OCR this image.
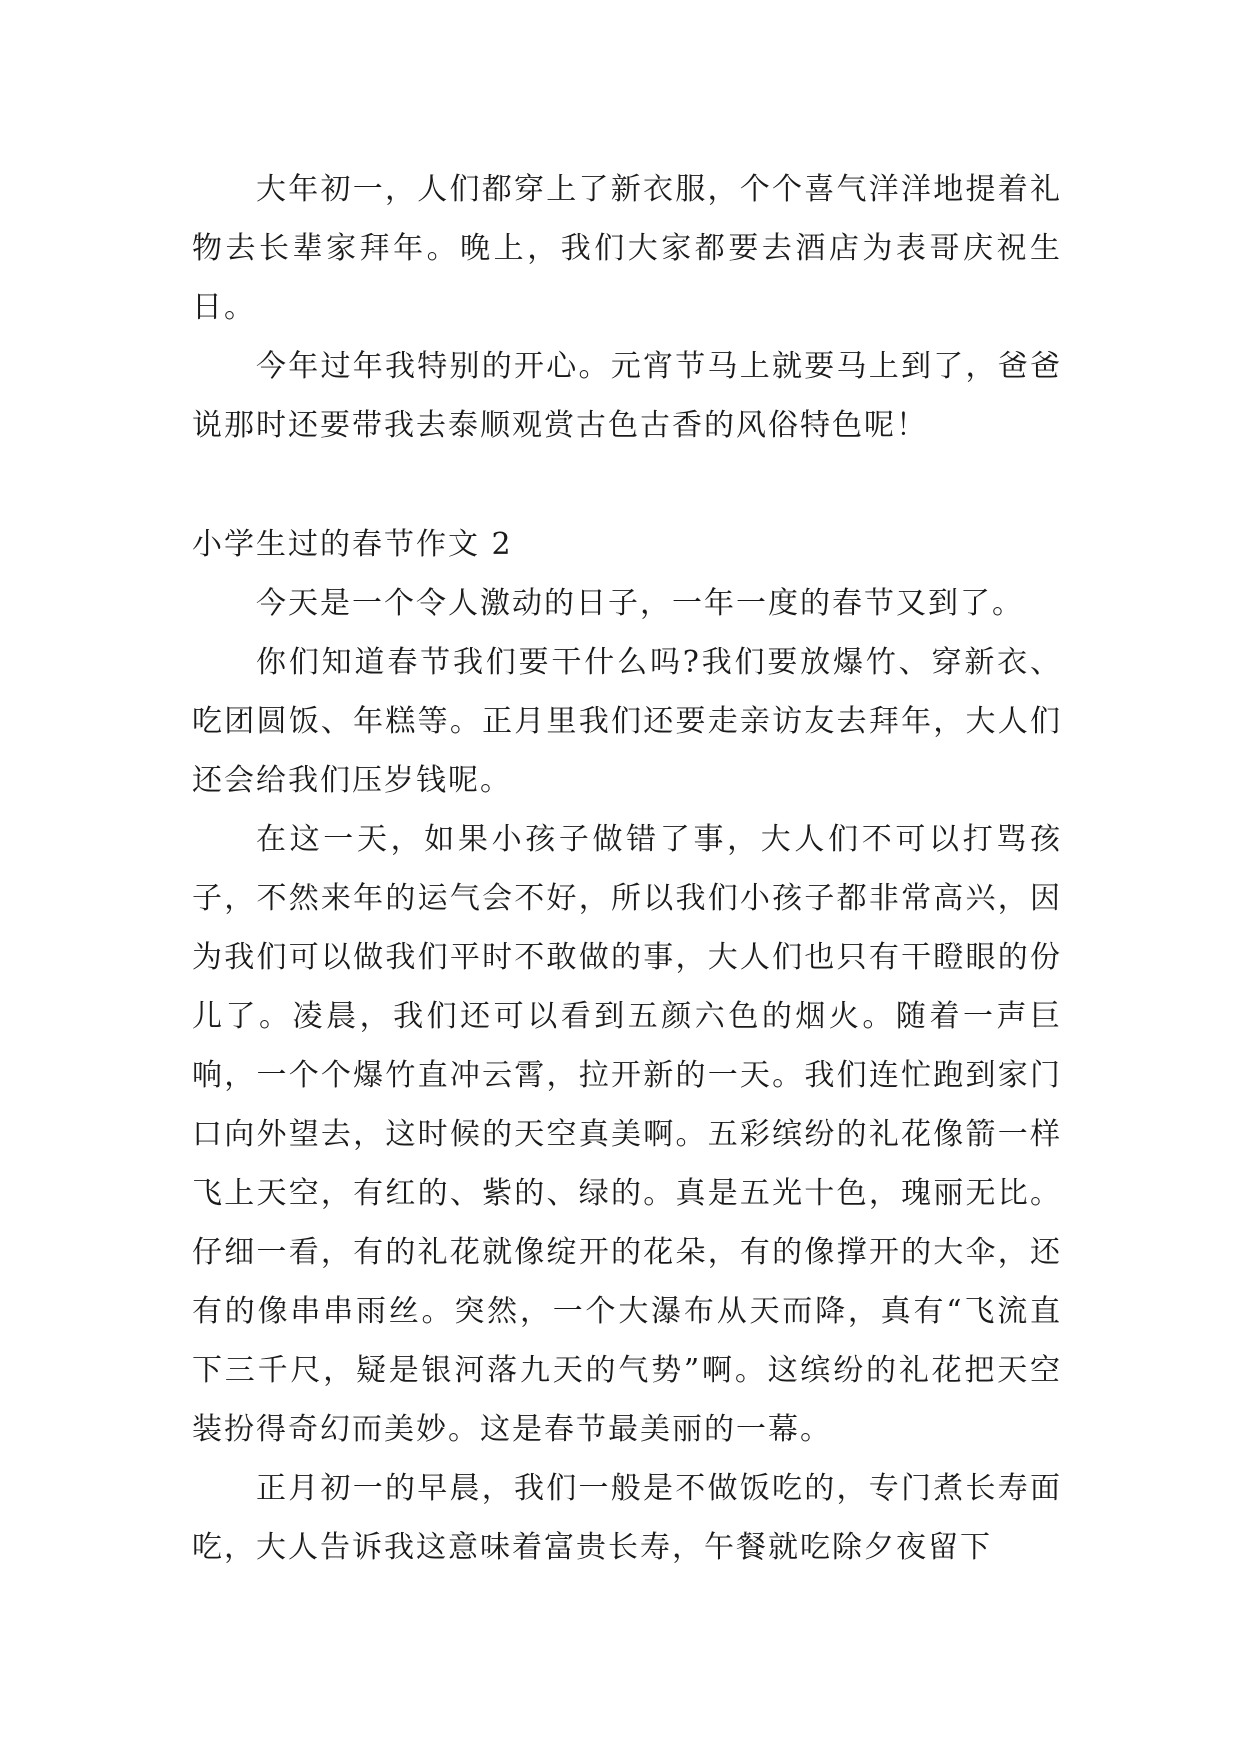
大年初一，人们都穿上了新衣服，个个喜气洋洋地提着礼物去长辈家拜年。晚上，我们大家都要去酒店为表哥庆祝生日。

今年过年我特别的开心。元宵节马上就要马上到了，爸爸说那时还要带我去泰顺观赏古色古香的风俗特色呢！

小学生过的春节作文 2

今天是一个令人激动的日子，一年一度的春节又到了。

你们知道春节我们要干什么吗?我们要放爆竹、穿新衣、吃团圆饭、年糕等。正月里我们还要走亲访友去拜年，大人们还会给我们压岁钱呢。

在这一天，如果小孩子做错了事，大人们不可以打骂孩子，不然来年的运气会不好，所以我们小孩子都非常高兴，因为我们可以做我们平时不敢做的事，大人们也只有干瞪眼的份儿了。凌晨，我们还可以看到五颜六色的烟火。随着一声巨响，一个个爆竹直冲云霄，拉开新的一天。我们连忙跑到家门口向外望去，这时候的天空真美啊。五彩缤纷的礼花像箭一样飞上天空，有红的、紫的、绿的。真是五光十色，瑰丽无比。仔细一看，有的礼花就像绽开的花朵，有的像撑开的大伞，还有的像串串雨丝。突然，一个大瀑布从天而降，真有“飞流直下三千尺，疑是银河落九天的气势”啊。这缤纷的礼花把天空装扮得奇幻而美妙。这是春节最美丽的一幕。

正月初一的早晨，我们一般是不做饭吃的，专门煮长寿面吃，大人告诉我这意味着富贵长寿，午餐就吃除夕夜留下
